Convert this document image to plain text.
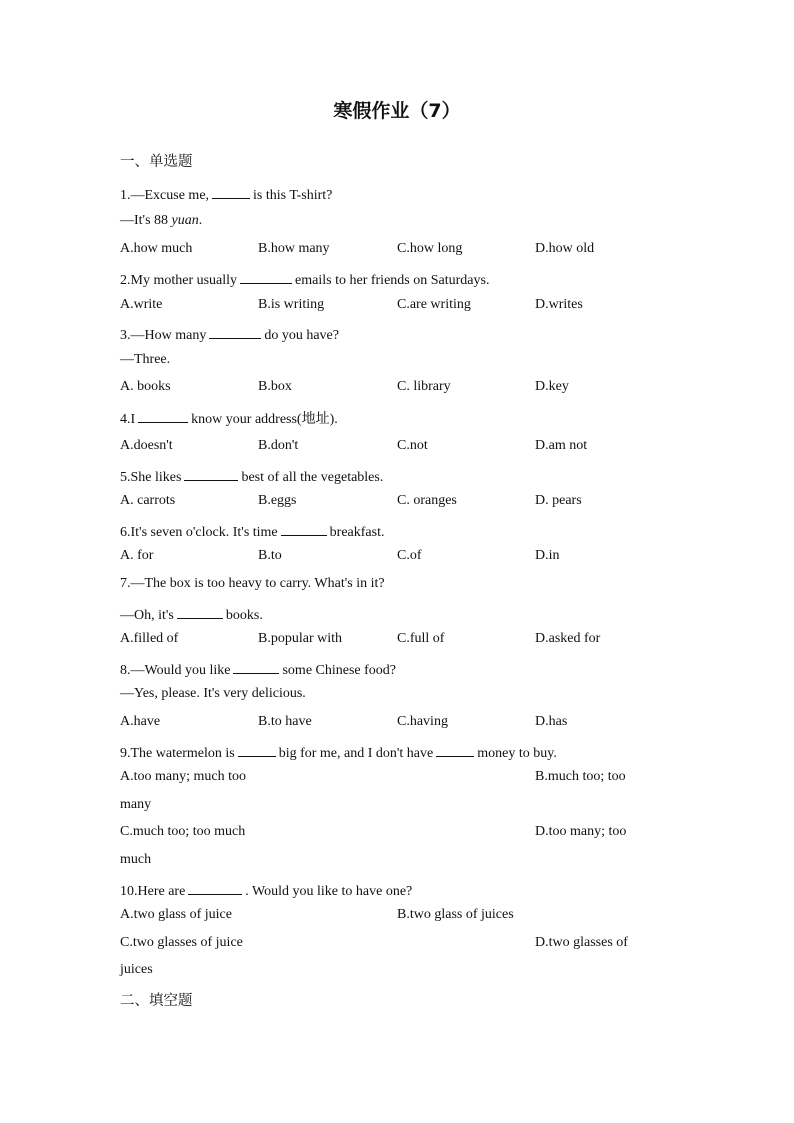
寒假作业（7）
一、单选题
1.—Excuse me,	is this T-shirt?
—It's 88 yuan.
A.how much	B.how many	C.how long	D.how old
2.My mother usually	emails to her friends on Saturdays.
A.write	B.is writing	C.are writing	D.writes
3.—How many	do you have?
—Three.
A. books	B.box	C. library	D.key
4.I	know your address(地址).
A.doesn't	B.don't	C.not	D.am not
5.She likes	best of all the vegetables.
A. carrots	B.eggs	C. oranges	D. pears
6.It's seven o'clock. It's time	breakfast.
A. for	B.to	C.of	D.in
7.—The box is too heavy to carry. What's in it?
—Oh, it's	books.
A.filled of	B.popular with	C.full of	D.asked for
8.—Would you like	some Chinese food?
—Yes, please. It's very delicious.
A.have	B.to have	C.having	D.has
9.The watermelon is	big for me, and I don't have	money to buy.
A.too many; much too	B.much too; too
many
C.much too; too much	D.too many; too
much
10.Here are	. Would you like to have one?
A.two glass of juice	B.two glass of juices
C.two glasses of juice	D.two glasses of
juices
二、填空题
